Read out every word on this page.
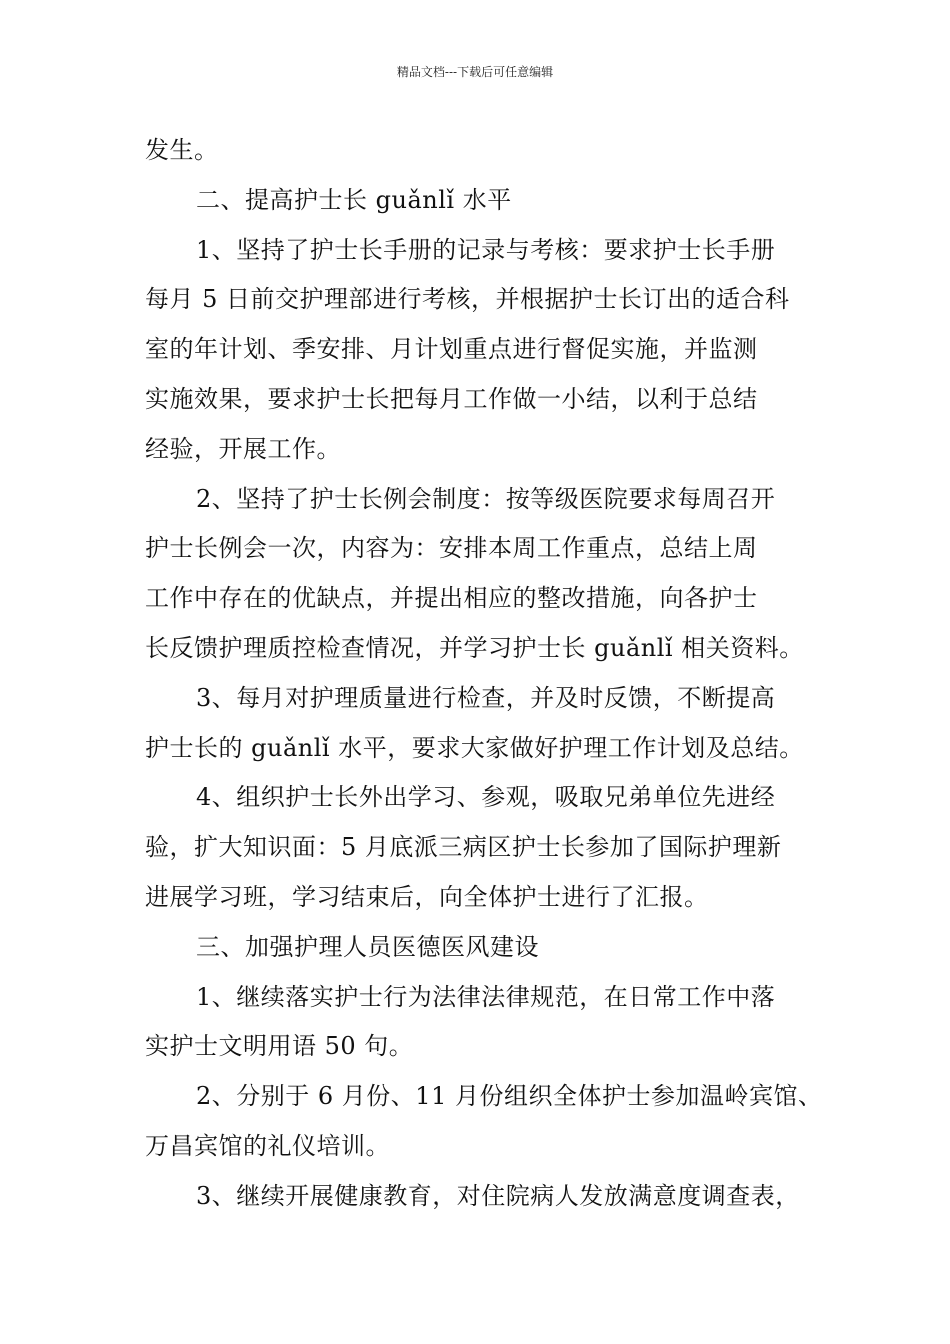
精品文档---下载后可任意编辑
发生。
二、提高护士长 guǎnlǐ 水平
1、坚持了护士长手册的记录与考核：要求护士长手册
每月 5 日前交护理部进行考核，并根据护士长订出的适合科
室的年计划、季安排、月计划重点进行督促实施，并监测
实施效果，要求护士长把每月工作做一小结，以利于总结
经验，开展工作。
2、坚持了护士长例会制度：按等级医院要求每周召开
护士长例会一次，内容为：安排本周工作重点，总结上周
工作中存在的优缺点，并提出相应的整改措施，向各护士
长反馈护理质控检查情况，并学习护士长 guǎnlǐ 相关资料。
3、每月对护理质量进行检查，并及时反馈，不断提高
护士长的 guǎnlǐ 水平，要求大家做好护理工作计划及总结。
4、组织护士长外出学习、参观，吸取兄弟单位先进经
验，扩大知识面：5 月底派三病区护士长参加了国际护理新
进展学习班，学习结束后，向全体护士进行了汇报。
三、加强护理人员医德医风建设
1、继续落实护士行为法律法律规范，在日常工作中落
实护士文明用语 50 句。
2、分别于 6 月份、11 月份组织全体护士参加温岭宾馆、
万昌宾馆的礼仪培训。
3、继续开展健康教育，对住院病人发放满意度调查表，
